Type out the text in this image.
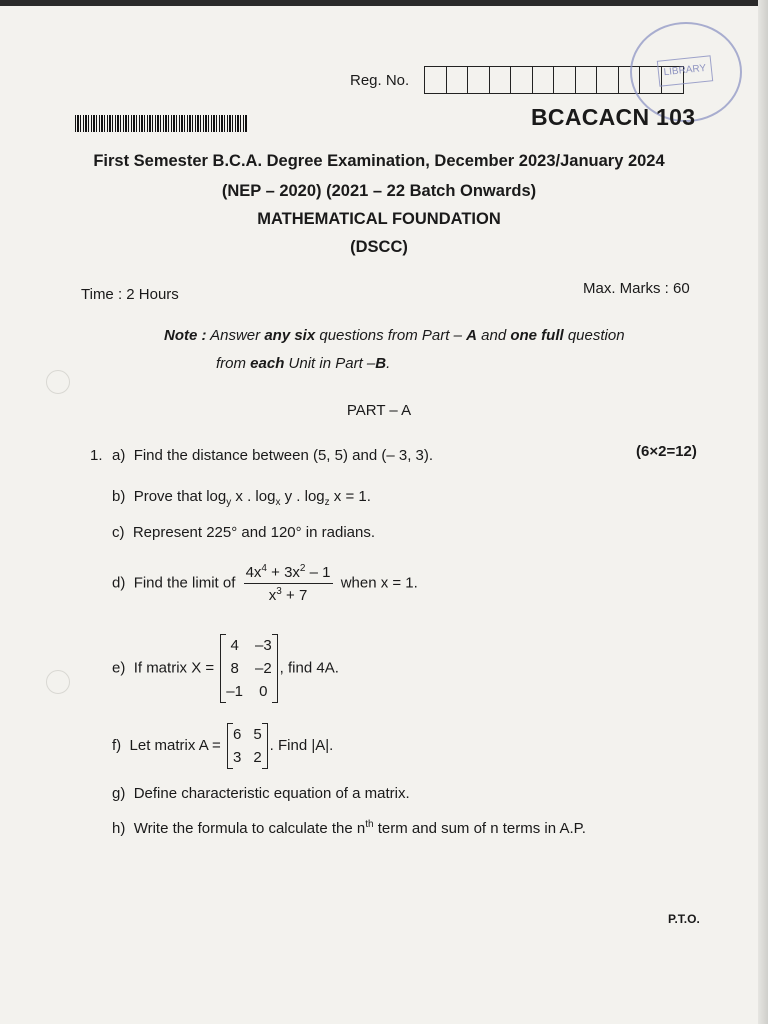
Reg. No.
LIBRARY
BCACACN 103
First Semester B.C.A. Degree Examination, December 2023/January 2024
(NEP – 2020) (2021 – 22 Batch Onwards)
MATHEMATICAL FOUNDATION
(DSCC)
Time : 2 Hours	Max. Marks : 60
Note : Answer any six questions from Part – A and one full question
from each Unit in Part –B.
PART – A
1.	(6×2=12)
a) Find the distance between (5, 5) and (– 3, 3).
b) Prove that $\log_y x$ . $\log_x y$ . $\log_z x = 1$.
c) Represent 225° and 120° in radians.
d) Find the limit of $\frac{4x^4 + 3x^2 - 1}{x^3 + 7}$ when x = 1.
e) If matrix X =
4	–3
8	–2
–1	0
, find 4A.
f) Let matrix A =
6	5
3	2
. Find |A|.
g) Define characteristic equation of a matrix.
h) Write the formula to calculate the $n^{th}$ term and sum of n terms in A.P.
P.T.O.
